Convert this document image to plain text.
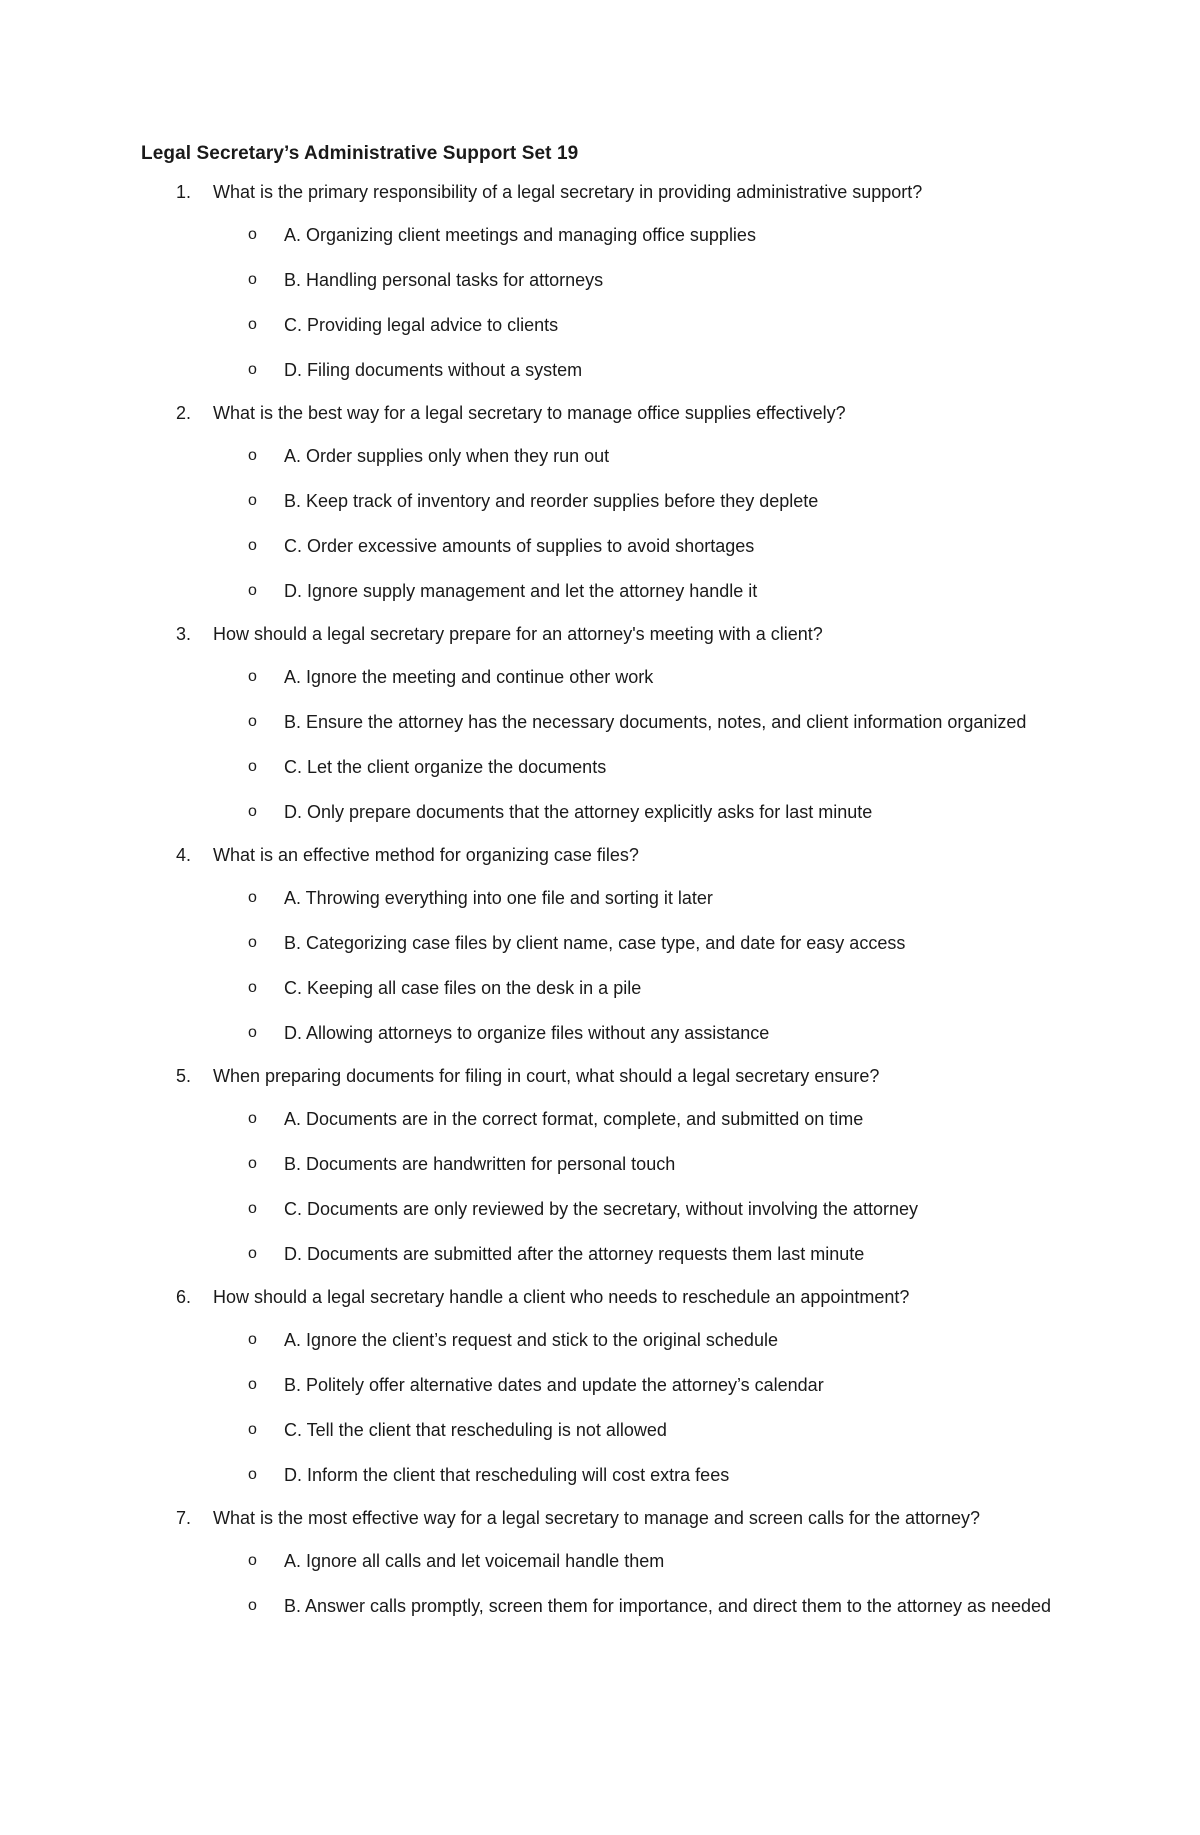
Legal Secretary’s Administrative Support Set 19
1. What is the primary responsibility of a legal secretary in providing administrative support?
o A. Organizing client meetings and managing office supplies
o B. Handling personal tasks for attorneys
o C. Providing legal advice to clients
o D. Filing documents without a system
2. What is the best way for a legal secretary to manage office supplies effectively?
o A. Order supplies only when they run out
o B. Keep track of inventory and reorder supplies before they deplete
o C. Order excessive amounts of supplies to avoid shortages
o D. Ignore supply management and let the attorney handle it
3. How should a legal secretary prepare for an attorney's meeting with a client?
o A. Ignore the meeting and continue other work
o B. Ensure the attorney has the necessary documents, notes, and client information organized
o C. Let the client organize the documents
o D. Only prepare documents that the attorney explicitly asks for last minute
4. What is an effective method for organizing case files?
o A. Throwing everything into one file and sorting it later
o B. Categorizing case files by client name, case type, and date for easy access
o C. Keeping all case files on the desk in a pile
o D. Allowing attorneys to organize files without any assistance
5. When preparing documents for filing in court, what should a legal secretary ensure?
o A. Documents are in the correct format, complete, and submitted on time
o B. Documents are handwritten for personal touch
o C. Documents are only reviewed by the secretary, without involving the attorney
o D. Documents are submitted after the attorney requests them last minute
6. How should a legal secretary handle a client who needs to reschedule an appointment?
o A. Ignore the client’s request and stick to the original schedule
o B. Politely offer alternative dates and update the attorney’s calendar
o C. Tell the client that rescheduling is not allowed
o D. Inform the client that rescheduling will cost extra fees
7. What is the most effective way for a legal secretary to manage and screen calls for the attorney?
o A. Ignore all calls and let voicemail handle them
o B. Answer calls promptly, screen them for importance, and direct them to the attorney as needed
